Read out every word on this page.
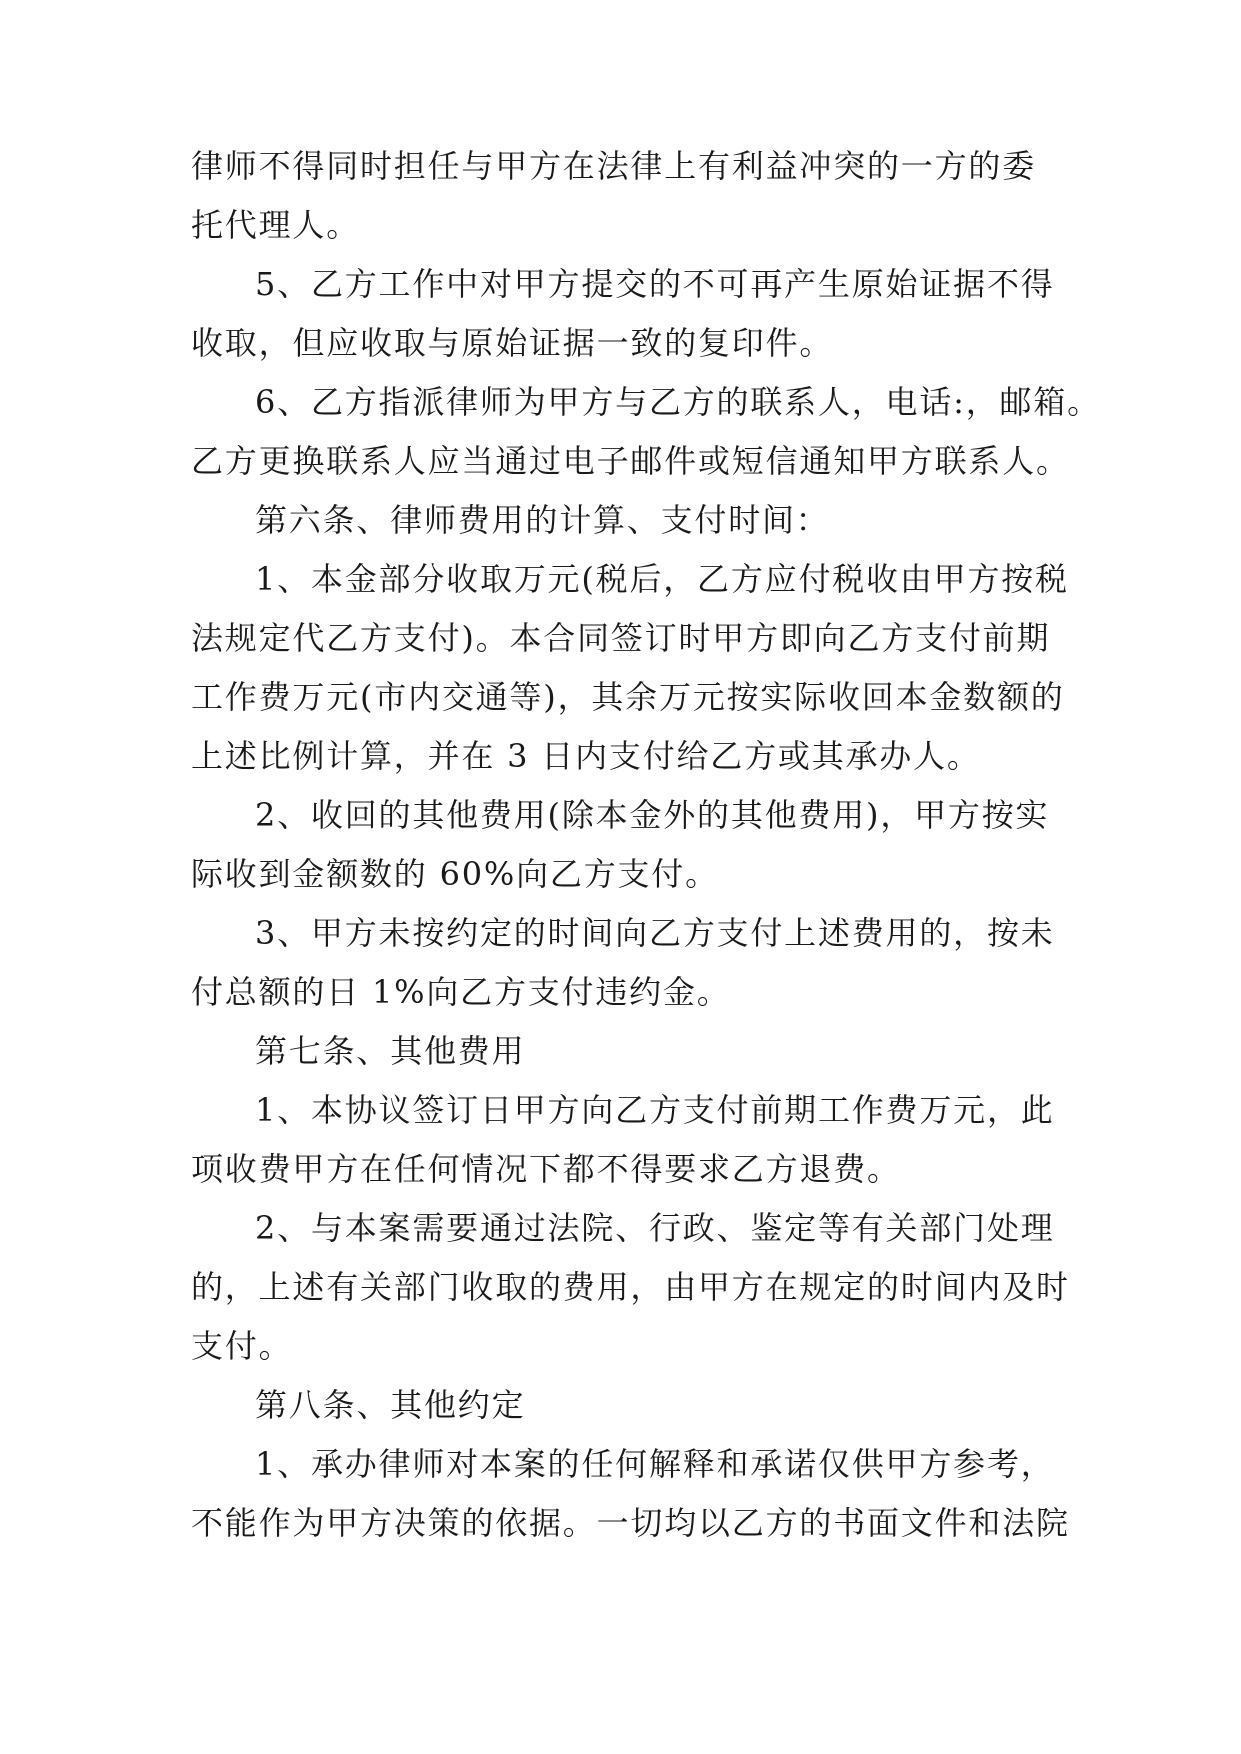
律师不得同时担任与甲方在法律上有利益冲突的一方的委
托代理人。
5、乙方工作中对甲方提交的不可再产生原始证据不得
收取，但应收取与原始证据一致的复印件。
6、乙方指派律师为甲方与乙方的联系人，电话:，邮箱。
乙方更换联系人应当通过电子邮件或短信通知甲方联系人。
第六条、律师费用的计算、支付时间：
1、本金部分收取万元(税后，乙方应付税收由甲方按税
法规定代乙方支付)。本合同签订时甲方即向乙方支付前期
工作费万元(市内交通等)，其余万元按实际收回本金数额的
上述比例计算，并在 3 日内支付给乙方或其承办人。
2、收回的其他费用(除本金外的其他费用)，甲方按实
际收到金额数的 60%向乙方支付。
3、甲方未按约定的时间向乙方支付上述费用的，按未
付总额的日 1%向乙方支付违约金。
第七条、其他费用
1、本协议签订日甲方向乙方支付前期工作费万元，此
项收费甲方在任何情况下都不得要求乙方退费。
2、与本案需要通过法院、行政、鉴定等有关部门处理
的，上述有关部门收取的费用，由甲方在规定的时间内及时
支付。
第八条、其他约定
1、承办律师对本案的任何解释和承诺仅供甲方参考，
不能作为甲方决策的依据。一切均以乙方的书面文件和法院
